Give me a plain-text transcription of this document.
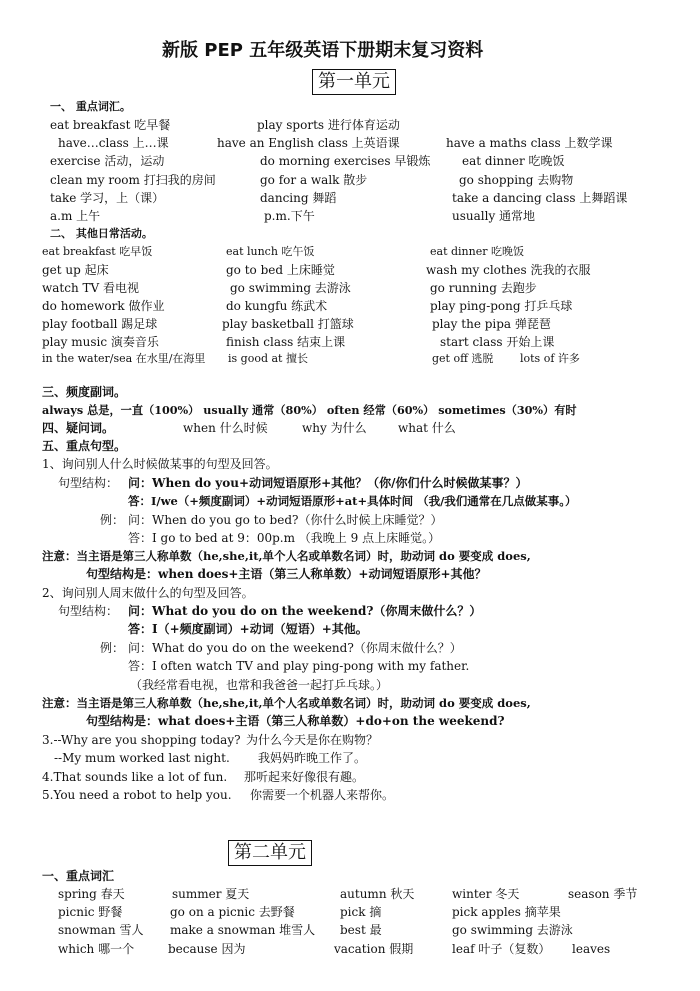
新版 PEP 五年级英语下册期末复习资料
第一单元
一、 重点词汇。
eat breakfast 吃早餐	play sports 进行体育运动
have…class 上…课	have an English class 上英语课	have a maths class 上数学课
exercise 活动，运动	do morning exercises 早锻炼	eat dinner 吃晚饭
clean my room 打扫我的房间	go for a walk 散步	go shopping 去购物
take 学习，上（课）	dancing 舞蹈	take a dancing class 上舞蹈课
a.m 上午	p.m.下午	usually 通常地
二、 其他日常活动。
eat breakfast 吃早饭	eat lunch 吃午饭	eat dinner 吃晚饭
get up 起床	go to bed 上床睡觉	wash my clothes 洗我的衣服
watch TV 看电视	go swimming 去游泳	go running 去跑步
do homework 做作业	do kungfu 练武术	play ping-pong 打乒乓球
play football 踢足球	play basketball 打篮球	play the pipa 弹琵琶
play music 演奏音乐	finish class 结束上课	start class 开始上课
in the water/sea 在水里/在海里 is good at 擅长	get off 逃脱 lots of 许多
三、频度副词。
always 总是，一直（100%） usually 通常（80%） often 经常（60%） sometimes（30%）有时
四、疑问词。	when 什么时候	why 为什么	what 什么
五、重点句型。
1、询问别人什么时候做某事的句型及回答。
句型结构： 问：When do you+动词短语原形+其他？（你/你们什么时候做某事？）
答：I/we（+频度副词）+动词短语原形+at+具体时间 （我/我们通常在几点做某事。）
例： 问：When do you go to bed?（你什么时候上床睡觉？）
答：I go to bed at 9：00p.m （我晚上 9 点上床睡觉。）
注意：当主语是第三人称单数（he,she,it,单个人名或单数名词）时，助动词 do 要变成 does,
句型结构是：when does+主语（第三人称单数）+动词短语原形+其他？
2、询问别人周末做什么的句型及回答。
句型结构： 问：What do you do on the weekend?（你周末做什么？）
答：I（+频度副词）+动词（短语）+其他。
例： 问：What do you do on the weekend?（你周末做什么？）
答：I often watch TV and play ping-pong with my father.
（我经常看电视，也常和我爸爸一起打乒乓球。）
注意：当主语是第三人称单数（he,she,it,单个人名或单数名词）时，助动词 do 要变成 does,
句型结构是：what does+主语（第三人称单数）+do+on the weekend?
3.--Why are you shopping today? 为什么今天是你在购物？
--My mum worked last night. 我妈妈昨晚工作了。
4.That sounds like a lot of fun. 那听起来好像很有趣。
5.You need a robot to help you. 你需要一个机器人来帮你。
第二单元
一、重点词汇
spring 春天	summer 夏天	autumn 秋天	winter 冬天	season 季节
picnic 野餐	go on a picnic 去野餐	pick 摘	pick apples 摘苹果
snowman 雪人 make a snowman 堆雪人 best 最	go swimming 去游泳
which 哪一个	because 因为	vacation 假期	leaf 叶子（复数） leaves
